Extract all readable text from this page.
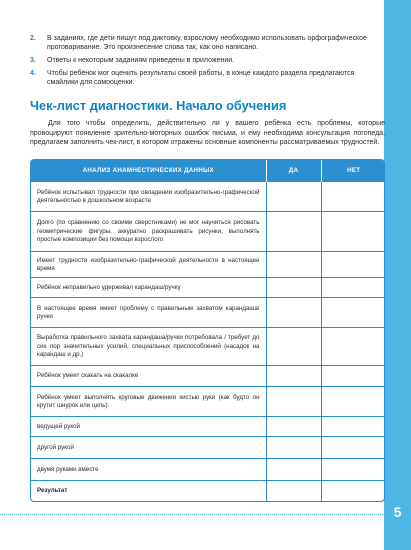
2. В заданиях, где дети пишут под диктовку, взрослому необходимо использовать орфографическое проговаривание. Это произнесение слова так, как оно написано.
3. Ответы к некоторым заданиям приведены в приложении.
4. Чтобы ребёнок мог оценить результаты своей работы, в конце каждого раздела предлагаются смайлики для самооценки.
Чек-лист диагностики. Начало обучения

Для того чтобы определить, действительно ли у вашего ребёнка есть проблемы, которые провоцируют появление зрительно-моторных ошибок письма, и ему необходима консультация логопеда, предлагаем заполнить чек-лист, в котором отражены основные компоненты рассматриваемых трудностей.

АНАЛИЗ АНАМНЕСТИЧЕСКИХ ДАННЫХ	ДА	НЕТ
Ребёнок испытывал трудности при овладении изобразительно-графической деятельностью в дошкольном возрасте		
Долго (по сравнению со своими сверстниками) не мог научиться рисовать геометрические фигуры, аккуратно раскрашивать рисунки, выполнять простые композиции без помощи взрослого		
Имеет трудности изобразительно-графической деятельности в настоящее время		
Ребёнок неправильно удерживал карандаш/ручку		
В настоящее время имеет проблему с правильным захватом карандаша/ручки		
Выработка правильного захвата карандаша/ручки потребовала / требует до сих пор значительных усилий, специальных приспособлений (насадок на карандаш и др.)		
Ребёнок умеет скакать на скакалке		
Ребёнок умеет выполнять круговые движения кистью руки (как будто он крутит шнурок или цепь):		
ведущей рукой		
другой рукой		
двумя руками вместе		
Результат		
5
